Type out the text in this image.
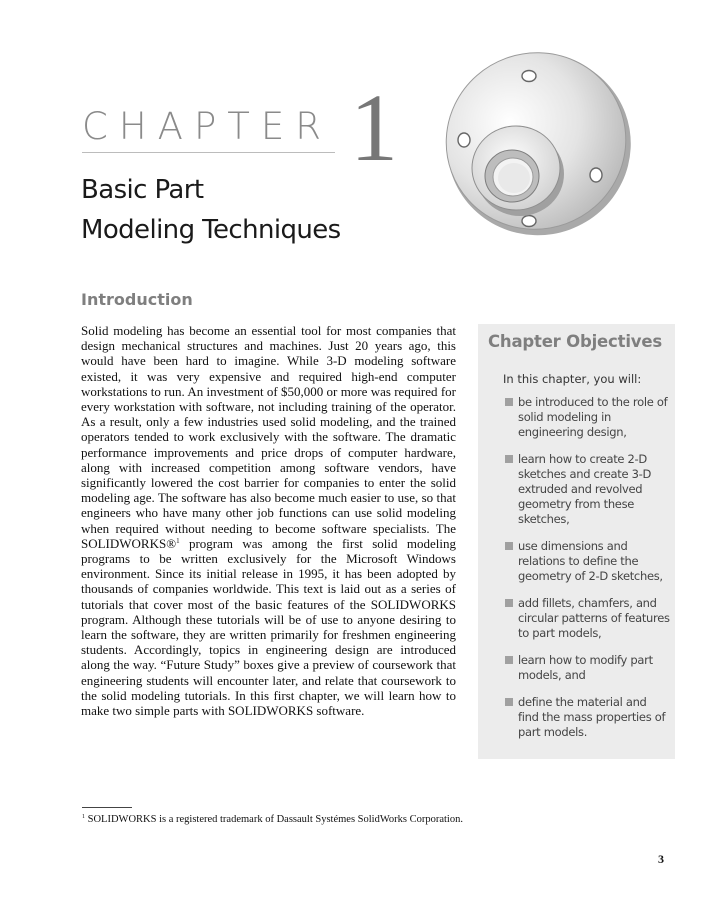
CHAPTER 1
Basic Part
Modeling Techniques
Introduction

Solid modeling has become an essential tool for most companies that design mechanical structures and machines. Just 20 years ago, this would have been hard to imagine. While 3-D modeling software existed, it was very expensive and required high-end computer workstations to run. An investment of $50,000 or more was required for every workstation with software, not including training of the operator. As a result, only a few industries used solid modeling, and the trained operators tended to work exclusively with the software. The dramatic performance improvements and price drops of computer hardware, along with increased competition among software vendors, have significantly lowered the cost barrier for companies to enter the solid modeling age. The software has also become much easier to use, so that engineers who have many other job functions can use solid modeling when required without needing to become software specialists. The SOLIDWORKS®$^1$ program was among the first solid modeling programs to be written exclusively for the Microsoft Windows environment. Since its initial release in 1995, it has been adopted by thousands of companies worldwide. This text is laid out as a series of tutorials that cover most of the basic features of the SOLIDWORKS program. Although these tutorials will be of use to anyone desiring to learn the software, they are written primarily for freshmen engineering students. Accordingly, topics in engineering design are introduced along the way. “Future Study” boxes give a preview of coursework that engineering students will encounter later, and relate that coursework to the solid modeling tutorials. In this first chapter, we will learn how to make two simple parts with SOLIDWORKS software.

Chapter Objectives
In this chapter, you will:
be introduced to the role of solid modeling in engineering design,
learn how to create 2-D sketches and create 3-D extruded and revolved geometry from these sketches,
use dimensions and relations to define the geometry of 2-D sketches,
add fillets, chamfers, and circular patterns of features to part models,
learn how to modify part models, and
define the material and find the mass properties of part models.
$^1$ SOLIDWORKS is a registered trademark of Dassault Systémes SolidWorks Corporation.
3
